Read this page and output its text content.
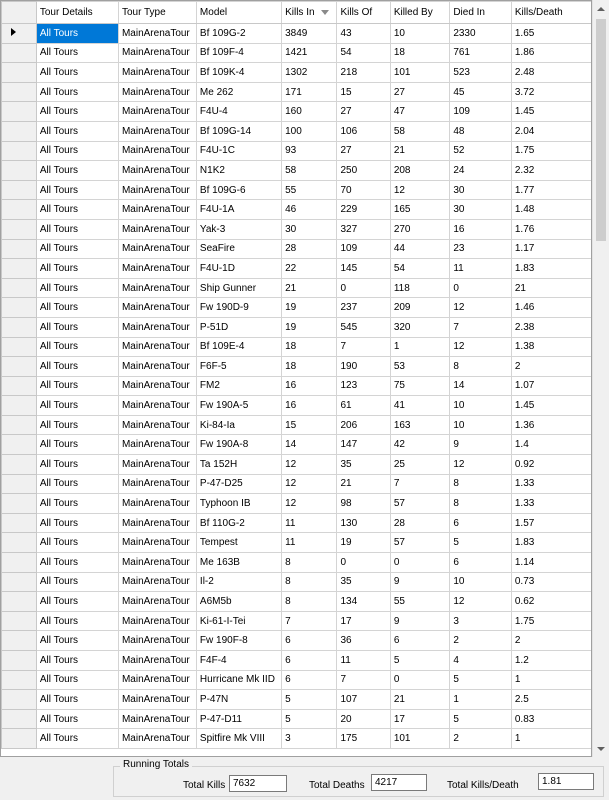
	Tour Details	Tour Type	Model	Kills In	Kills Of	Killed By	Died In	Kills/Death
	All Tours	MainArenaTour	Bf 109G-2	3849	43	10	2330	1.65
	All Tours	MainArenaTour	Bf 109F-4	1421	54	18	761	1.86
	All Tours	MainArenaTour	Bf 109K-4	1302	218	101	523	2.48
	All Tours	MainArenaTour	Me 262	171	15	27	45	3.72
	All Tours	MainArenaTour	F4U-4	160	27	47	109	1.45
	All Tours	MainArenaTour	Bf 109G-14	100	106	58	48	2.04
	All Tours	MainArenaTour	F4U-1C	93	27	21	52	1.75
	All Tours	MainArenaTour	N1K2	58	250	208	24	2.32
	All Tours	MainArenaTour	Bf 109G-6	55	70	12	30	1.77
	All Tours	MainArenaTour	F4U-1A	46	229	165	30	1.48
	All Tours	MainArenaTour	Yak-3	30	327	270	16	1.76
	All Tours	MainArenaTour	SeaFire	28	109	44	23	1.17
	All Tours	MainArenaTour	F4U-1D	22	145	54	11	1.83
	All Tours	MainArenaTour	Ship Gunner	21	0	118	0	21
	All Tours	MainArenaTour	Fw 190D-9	19	237	209	12	1.46
	All Tours	MainArenaTour	P-51D	19	545	320	7	2.38
	All Tours	MainArenaTour	Bf 109E-4	18	7	1	12	1.38
	All Tours	MainArenaTour	F6F-5	18	190	53	8	2
	All Tours	MainArenaTour	FM2	16	123	75	14	1.07
	All Tours	MainArenaTour	Fw 190A-5	16	61	41	10	1.45
	All Tours	MainArenaTour	Ki-84-Ia	15	206	163	10	1.36
	All Tours	MainArenaTour	Fw 190A-8	14	147	42	9	1.4
	All Tours	MainArenaTour	Ta 152H	12	35	25	12	0.92
	All Tours	MainArenaTour	P-47-D25	12	21	7	8	1.33
	All Tours	MainArenaTour	Typhoon IB	12	98	57	8	1.33
	All Tours	MainArenaTour	Bf 110G-2	11	130	28	6	1.57
	All Tours	MainArenaTour	Tempest	11	19	57	5	1.83
	All Tours	MainArenaTour	Me 163B	8	0	0	6	1.14
	All Tours	MainArenaTour	Il-2	8	35	9	10	0.73
	All Tours	MainArenaTour	A6M5b	8	134	55	12	0.62
	All Tours	MainArenaTour	Ki-61-I-Tei	7	17	9	3	1.75
	All Tours	MainArenaTour	Fw 190F-8	6	36	6	2	2
	All Tours	MainArenaTour	F4F-4	6	11	5	4	1.2
	All Tours	MainArenaTour	Hurricane Mk IID	6	7	0	5	1
	All Tours	MainArenaTour	P-47N	5	107	21	1	2.5
	All Tours	MainArenaTour	P-47-D11	5	20	17	5	0.83
	All Tours	MainArenaTour	Spitfire Mk VIII	3	175	101	2	1
Running Totals
Total Kills 7632	Total Deaths	4217	Total Kills/Death	1.81
